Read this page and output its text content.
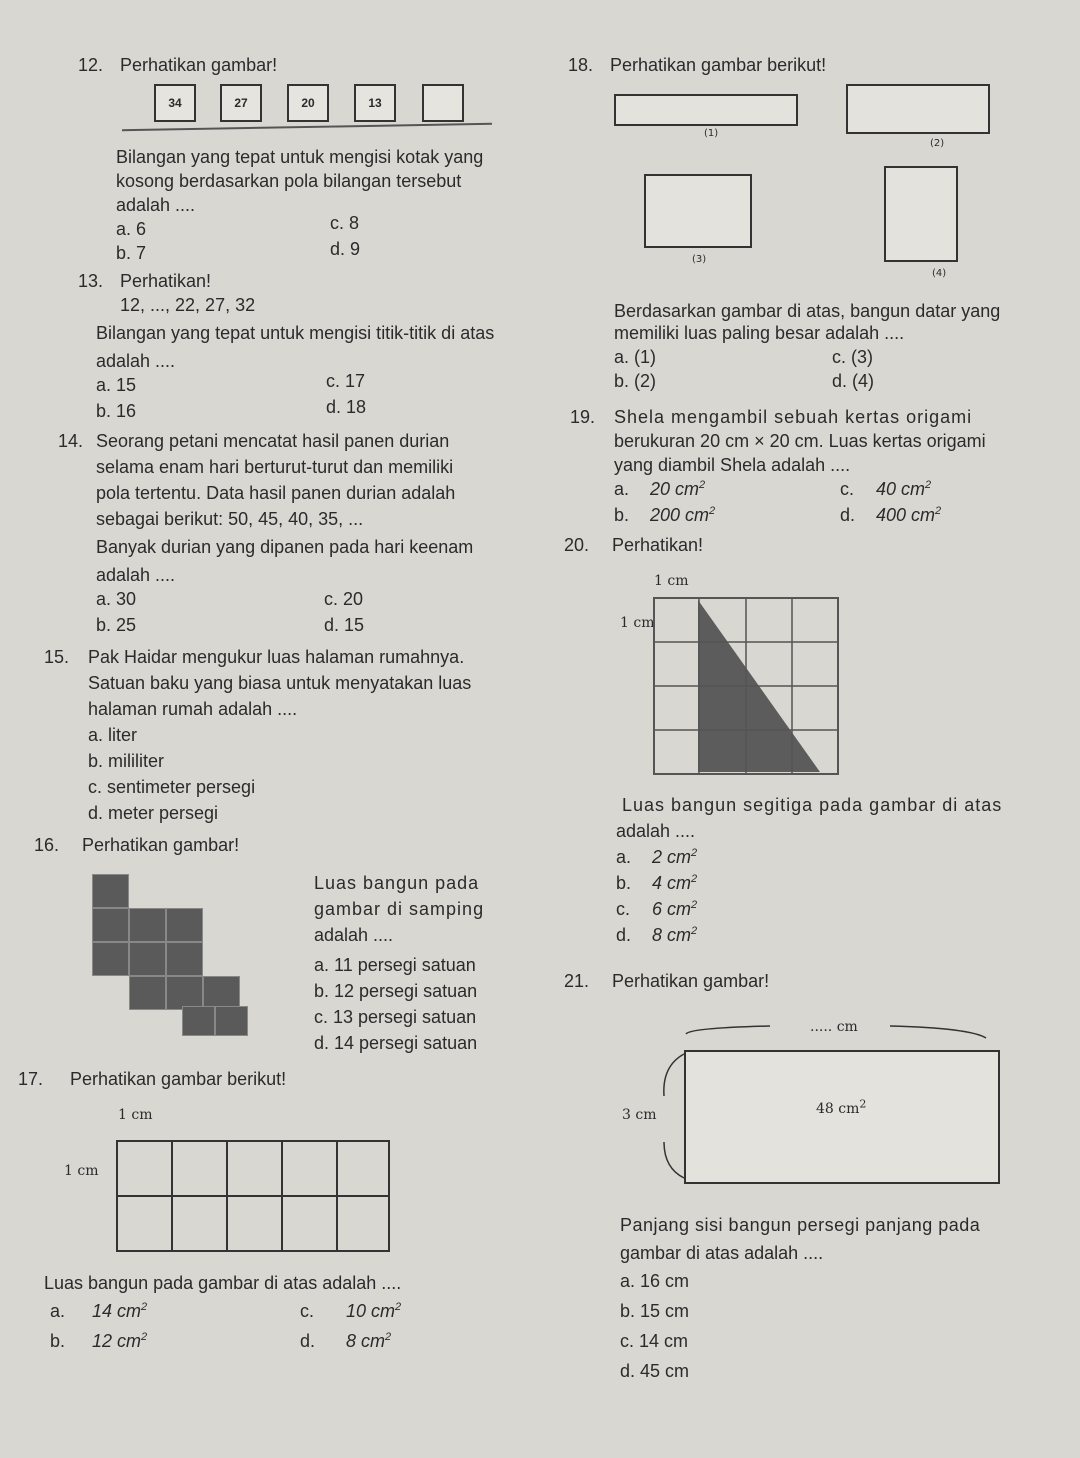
12. Perhatikan gambar!
34	27	20	13
Bilangan yang tepat untuk mengisi kotak yang
kosong berdasarkan pola bilangan tersebut
adalah ....
a. 6	c. 8
b. 7	d. 9
13. Perhatikan!
12, ..., 22, 27, 32
Bilangan yang tepat untuk mengisi titik-titik di atas
adalah ....
a. 15	c. 17
b. 16	d. 18
14. Seorang petani mencatat hasil panen durian
selama enam hari berturut-turut dan memiliki
pola tertentu. Data hasil panen durian adalah
sebagai berikut: 50, 45, 40, 35, ...
Banyak durian yang dipanen pada hari keenam
adalah ....
a. 30	c. 20
b. 25	d. 15
15. Pak Haidar mengukur luas halaman rumahnya.
Satuan baku yang biasa untuk menyatakan luas
halaman rumah adalah ....
a. liter
b. mililiter
c. sentimeter persegi
d. meter persegi
16. Perhatikan gambar!
Luas bangun pada
gambar di samping
adalah ....
a. 11 persegi satuan
b. 12 persegi satuan
c. 13 persegi satuan
d. 14 persegi satuan
17. Perhatikan gambar berikut!
1 cm
1 cm
Luas bangun pada gambar di atas adalah ....
a. 14 $cm^2$	c. 10 $cm^2$
b. 12 $cm^2$	d. 8 $cm^2$
18. Perhatikan gambar berikut!
(1)
(2)
(3)
(4)
Berdasarkan gambar di atas, bangun datar yang
memiliki luas paling besar adalah ....
a. (1)	c. (3)
b. (2)	d. (4)
19. Shela mengambil sebuah kertas origami
berukuran 20 cm × 20 cm. Luas kertas origami
yang diambil Shela adalah ....
a. 20 $cm^2$	c. 40 $cm^2$
b. 200 $cm^2$	d. 400 $cm^2$
20. Perhatikan!
1 cm
1 cm
Luas bangun segitiga pada gambar di atas
adalah ....
a. 2 $cm^2$
b. 4 $cm^2$
c. 6 $cm^2$
d. 8 $cm^2$
21. Perhatikan gambar!
..... cm
3 cm	48 $cm^2$
Panjang sisi bangun persegi panjang pada
gambar di atas adalah ....
a. 16 cm
b. 15 cm
c. 14 cm
d. 45 cm
